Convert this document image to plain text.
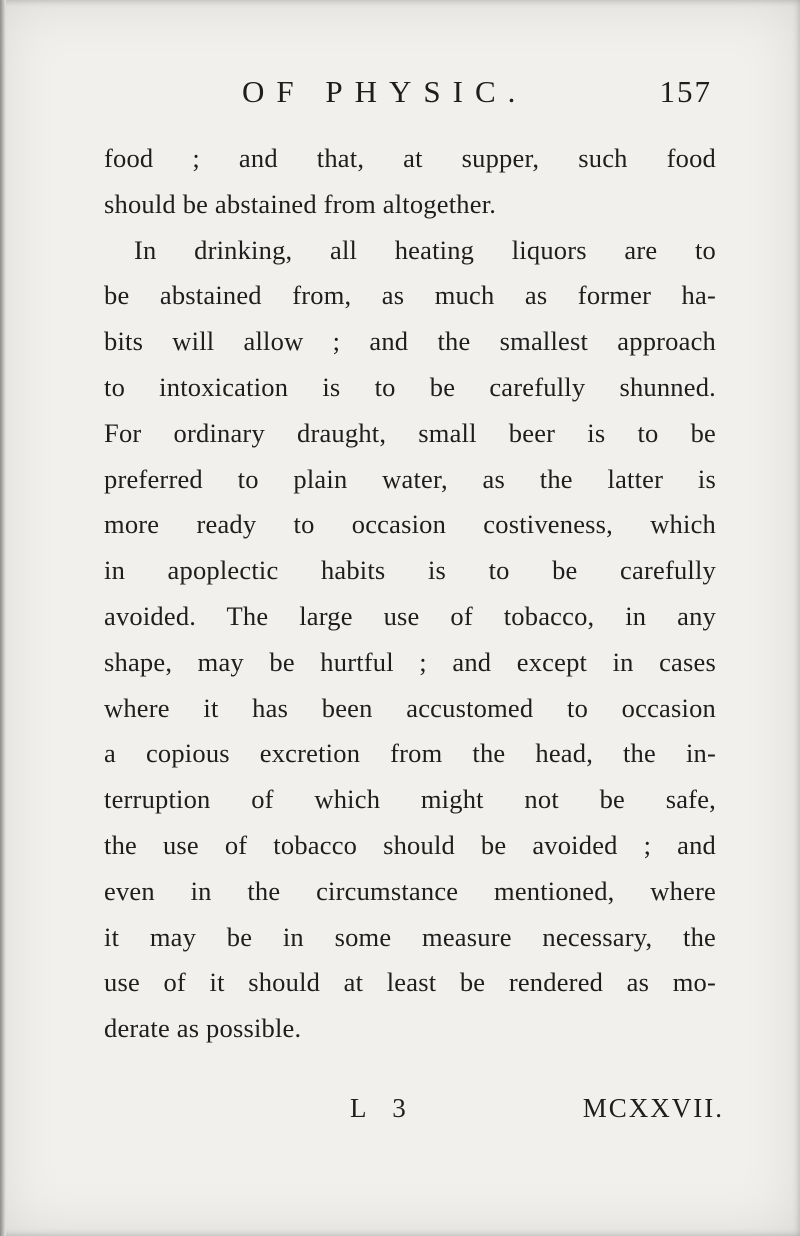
OF PHYSIC.	157
food ; and that, at supper, such food
should be abstained from altogether.
In drinking, all heating liquors are to
be abstained from, as much as former ha-
bits will allow ; and the smallest approach
to intoxication is to be carefully shunned.
For ordinary draught, small beer is to be
preferred to plain water, as the latter is
more ready to occasion costiveness, which
in apoplectic habits is to be carefully
avoided. The large use of tobacco, in any
shape, may be hurtful ; and except in cases
where it has been accustomed to occasion
a copious excretion from the head, the in-
terruption of which might not be safe,
the use of tobacco should be avoided ; and
even in the circumstance mentioned, where
it may be in some measure necessary, the
use of it should at least be rendered as mo-
derate as possible.
L 3	MCXXVII.
